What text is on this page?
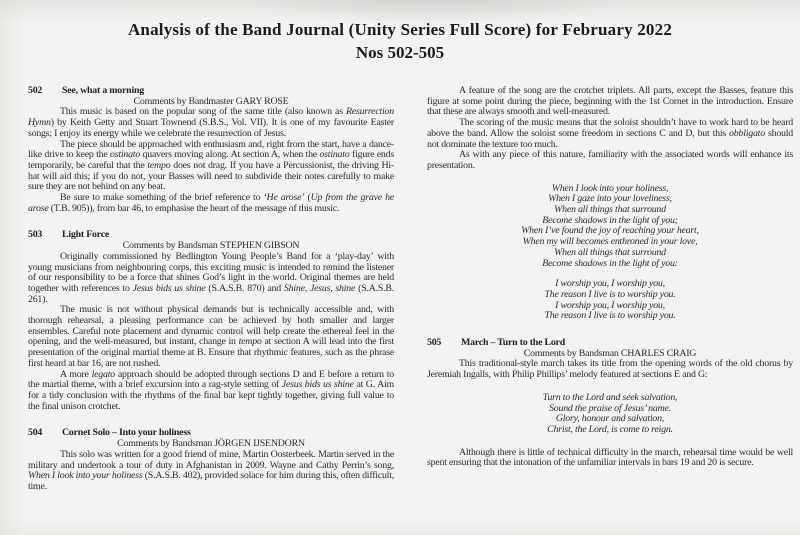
Analysis of the Band Journal (Unity Series Full Score) for February 2022
Nos 502-505
502	See, what a morning
Comments by Bandmaster GARY ROSE

This music is based on the popular song of the same title (also known as Resurrection Hymn) by Keith Getty and Stuart Townend (S.B.S., Vol. VII). It is one of my favourite Easter songs; I enjoy its energy while we celebrate the resurrection of Jesus.

The piece should be approached with enthusiasm and, right from the start, have a dance-like drive to keep the ostinato quavers moving along. At section A, when the ostinato figure ends temporarily, be careful that the tempo does not drag. If you have a Percussionist, the driving Hi-hat will aid this; if you do not, your Basses will need to subdivide their notes carefully to make sure they are not behind on any beat.

Be sure to make something of the brief reference to ‘He arose’ (Up from the grave he arose (T.B. 905)), from bar 46, to emphasise the heart of the message of this music.

503	Light Force
Comments by Bandsman STEPHEN GIBSON

Originally commissioned by Bedlington Young People’s Band for a ‘play-day’ with young musicians from neighbouring corps, this exciting music is intended to remind the listener of our responsibility to be a force that shines God’s light in the world. Original themes are held together with references to Jesus bids us shine (S.A.S.B. 870) and Shine, Jesus, shine (S.A.S.B. 261).

The music is not without physical demands but is technically accessible and, with thorough rehearsal, a pleasing performance can be achieved by both smaller and larger ensembles. Careful note placement and dynamic control will help create the ethereal feel in the opening, and the well-measured, but instant, change in tempo at section A will lead into the first presentation of the original martial theme at B. Ensure that rhythmic features, such as the phrase first heard at bar 16, are not rushed.

A more legato approach should be adopted through sections D and E before a return to the martial theme, with a brief excursion into a rag-style setting of Jesus bids us shine at G. Aim for a tidy conclusion with the rhythms of the final bar kept tightly together, giving full value to the final unison crotchet.

504	Cornet Solo – Into your holiness
Comments by Bandsman JÖRGEN IJSENDORN

This solo was written for a good friend of mine, Martin Oosterbeek. Martin served in the military and undertook a tour of duty in Afghanistan in 2009. Wayne and Cathy Perrin’s song, When I look into your holiness (S.A.S.B. 402), provided solace for him during this, often difficult, time.

A feature of the song are the crotchet triplets. All parts, except the Basses, feature this figure at some point during the piece, beginning with the 1st Cornet in the introduction. Ensure that these are always smooth and well-measured.

The scoring of the music means that the soloist shouldn’t have to work hard to be heard above the band. Allow the soloist some freedom in sections C and D, but this obbligato should not dominate the texture too much.

As with any piece of this nature, familiarity with the associated words will enhance its presentation.

When I look into your holiness,
When I gaze into your loveliness,
When all things that surround
Become shadows in the light of you;
When I’ve found the joy of reaching your heart,
When my will becomes enthroned in your love,
When all things that surround
Become shadows in the light of you:
I worship you, I worship you,
The reason I live is to worship you.
I worship you, I worship you,
The reason I live is to worship you.
505	March – Turn to the Lord
Comments by Bandsman CHARLES CRAIG

This traditional-style march takes its title from the opening words of the old chorus by Jeremiah Ingalls, with Philip Phillips’ melody featured at sections E and G:

Turn to the Lord and seek salvation,
Sound the praise of Jesus’ name.
Glory, honour and salvation,
Christ, the Lord, is come to reign.

Although there is little of technical difficulty in the march, rehearsal time would be well spent ensuring that the intonation of the unfamiliar intervals in bars 19 and 20 is secure.
